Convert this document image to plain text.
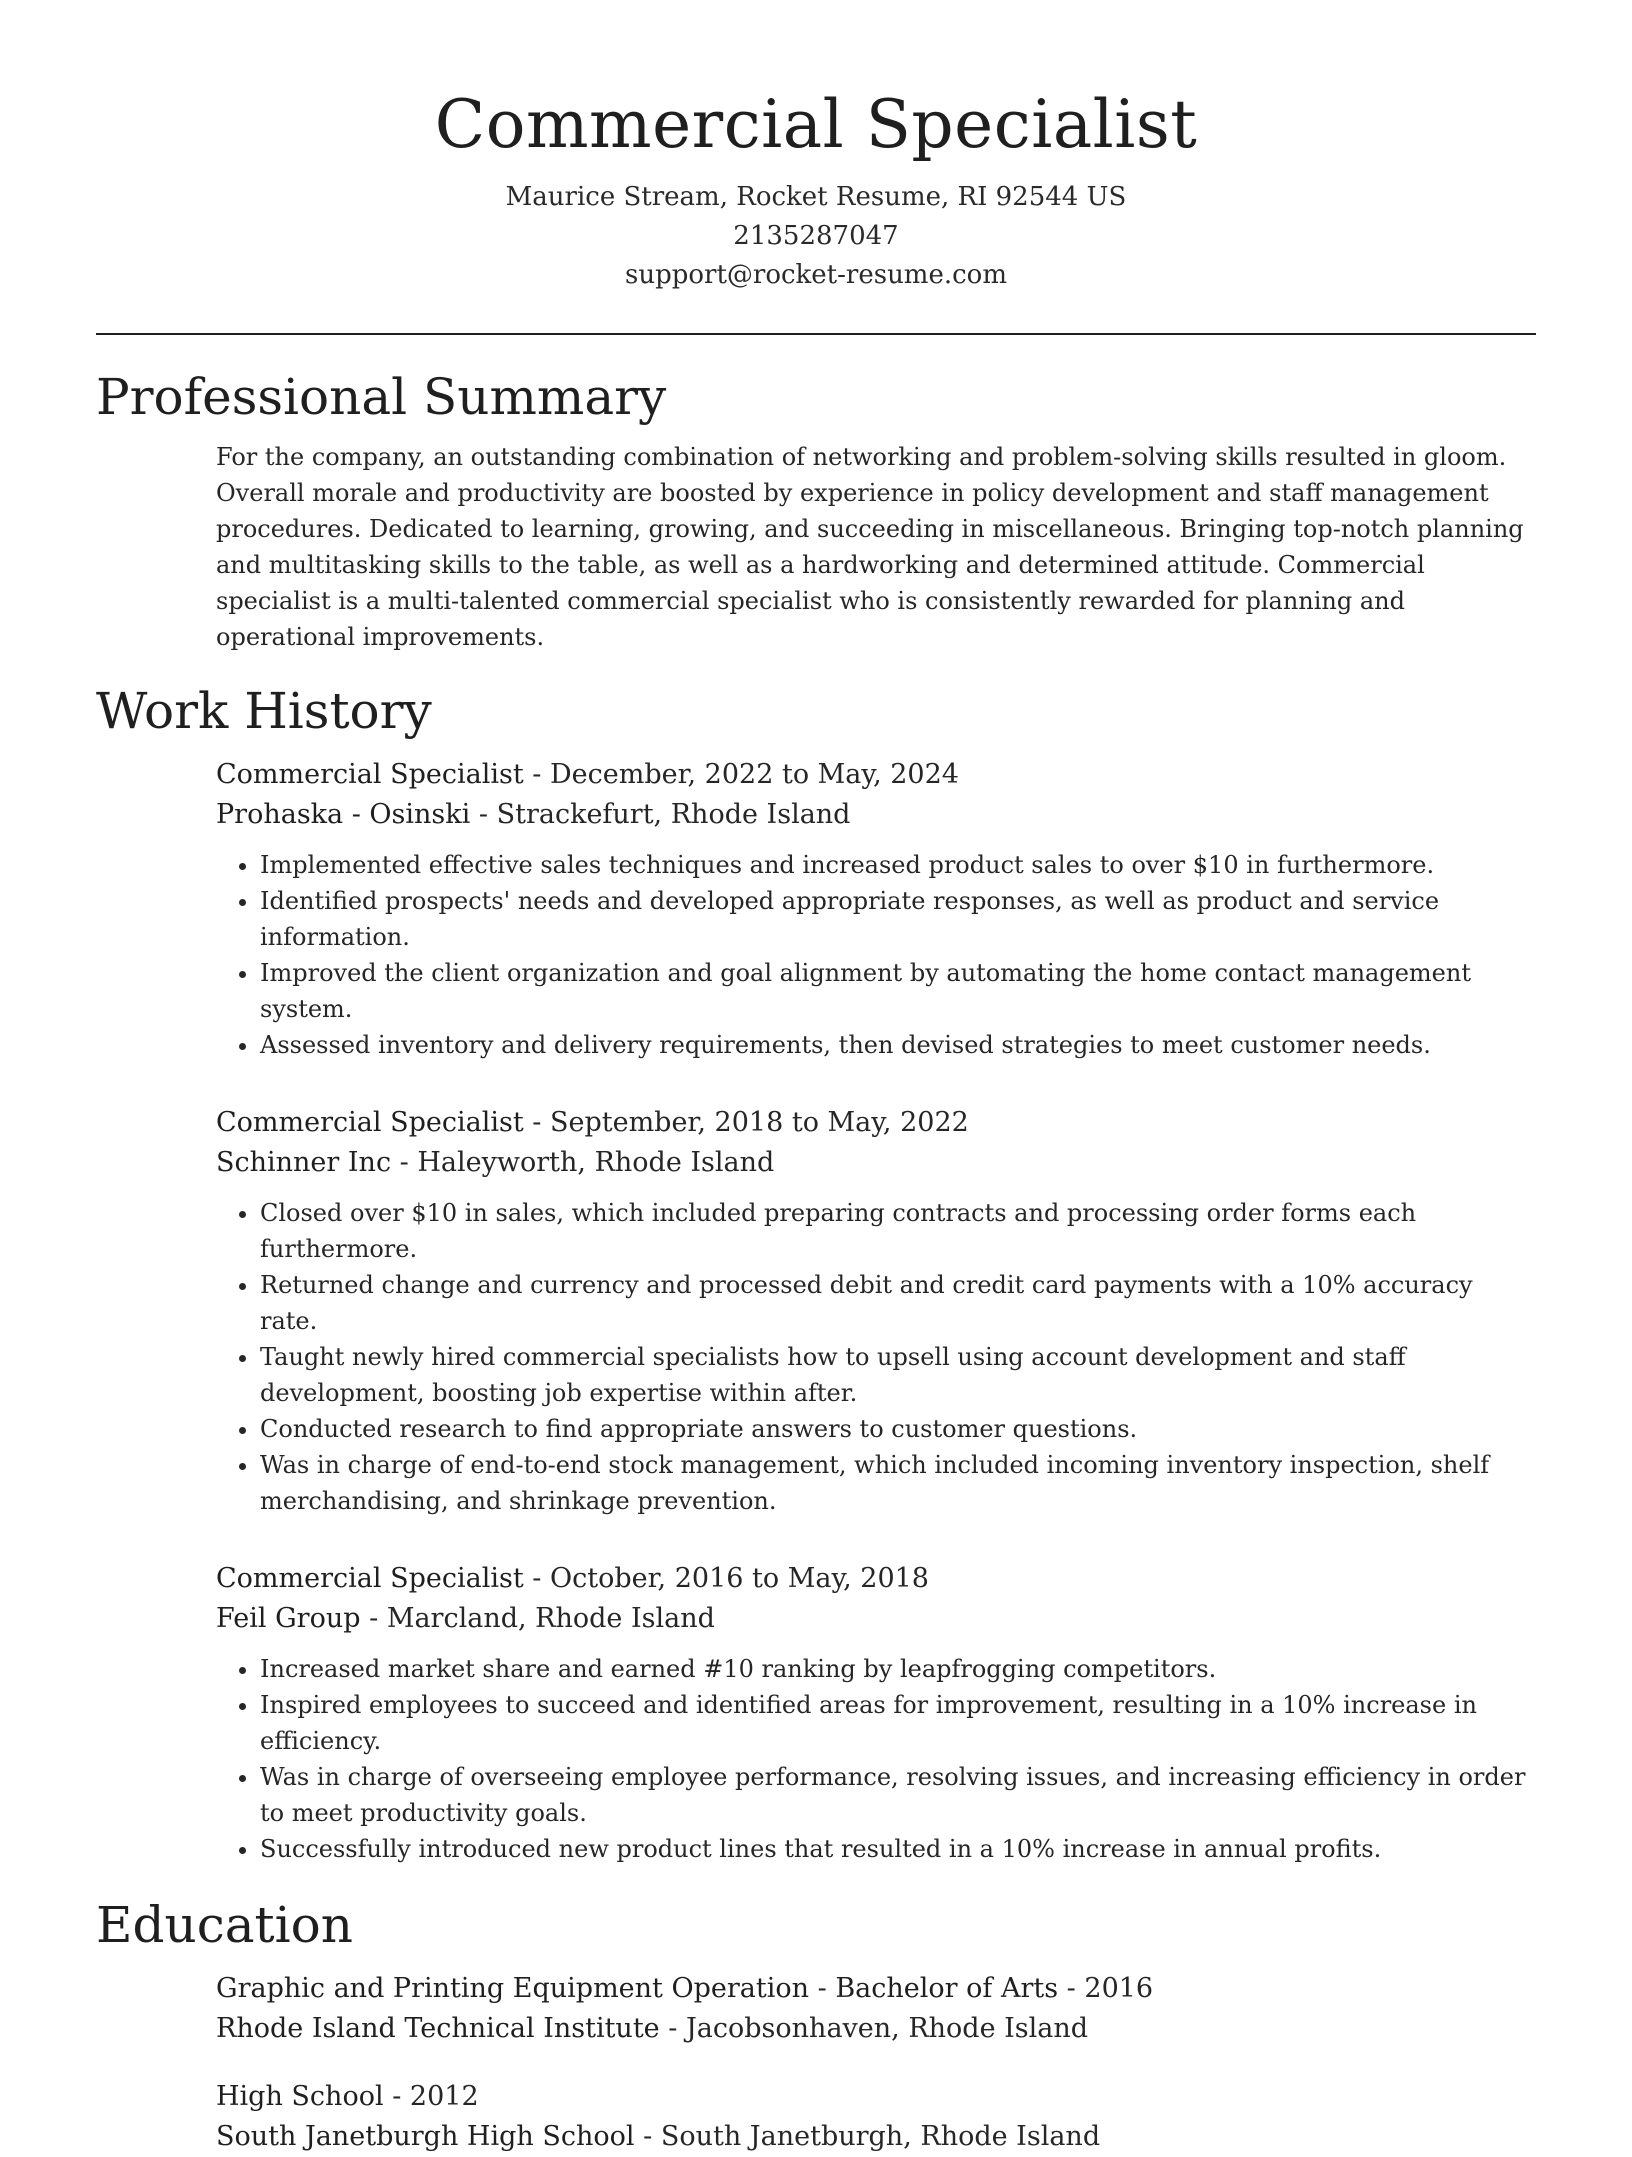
Commercial Specialist
Maurice Stream, Rocket Resume, RI 92544 US
2135287047
support@rocket-resume.com
Professional Summary

For the company, an outstanding combination of networking and problem-solving skills resulted in gloom. Overall morale and productivity are boosted by experience in policy development and staff management procedures. Dedicated to learning, growing, and succeeding in miscellaneous. Bringing top-notch planning and multitasking skills to the table, as well as a hardworking and determined attitude. Commercial specialist is a multi-talented commercial specialist who is consistently rewarded for planning and operational improvements.

Work History
Commercial Specialist - December, 2022 to May, 2024
Prohaska - Osinski - Strackefurt, Rhode Island
• Implemented effective sales techniques and increased product sales to over $10 in furthermore.
• Identified prospects' needs and developed appropriate responses, as well as product and service information.
• Improved the client organization and goal alignment by automating the home contact management system.
• Assessed inventory and delivery requirements, then devised strategies to meet customer needs.
Commercial Specialist - September, 2018 to May, 2022
Schinner Inc - Haleyworth, Rhode Island
• Closed over $10 in sales, which included preparing contracts and processing order forms each furthermore.
• Returned change and currency and processed debit and credit card payments with a 10% accuracy rate.
• Taught newly hired commercial specialists how to upsell using account development and staff development, boosting job expertise within after.
• Conducted research to find appropriate answers to customer questions.
• Was in charge of end-to-end stock management, which included incoming inventory inspection, shelf merchandising, and shrinkage prevention.
Commercial Specialist - October, 2016 to May, 2018
Feil Group - Marcland, Rhode Island
• Increased market share and earned #10 ranking by leapfrogging competitors.
• Inspired employees to succeed and identified areas for improvement, resulting in a 10% increase in efficiency.
• Was in charge of overseeing employee performance, resolving issues, and increasing efficiency in order to meet productivity goals.
• Successfully introduced new product lines that resulted in a 10% increase in annual profits.
Education
Graphic and Printing Equipment Operation - Bachelor of Arts - 2016
Rhode Island Technical Institute - Jacobsonhaven, Rhode Island
High School - 2012
South Janetburgh High School - South Janetburgh, Rhode Island
